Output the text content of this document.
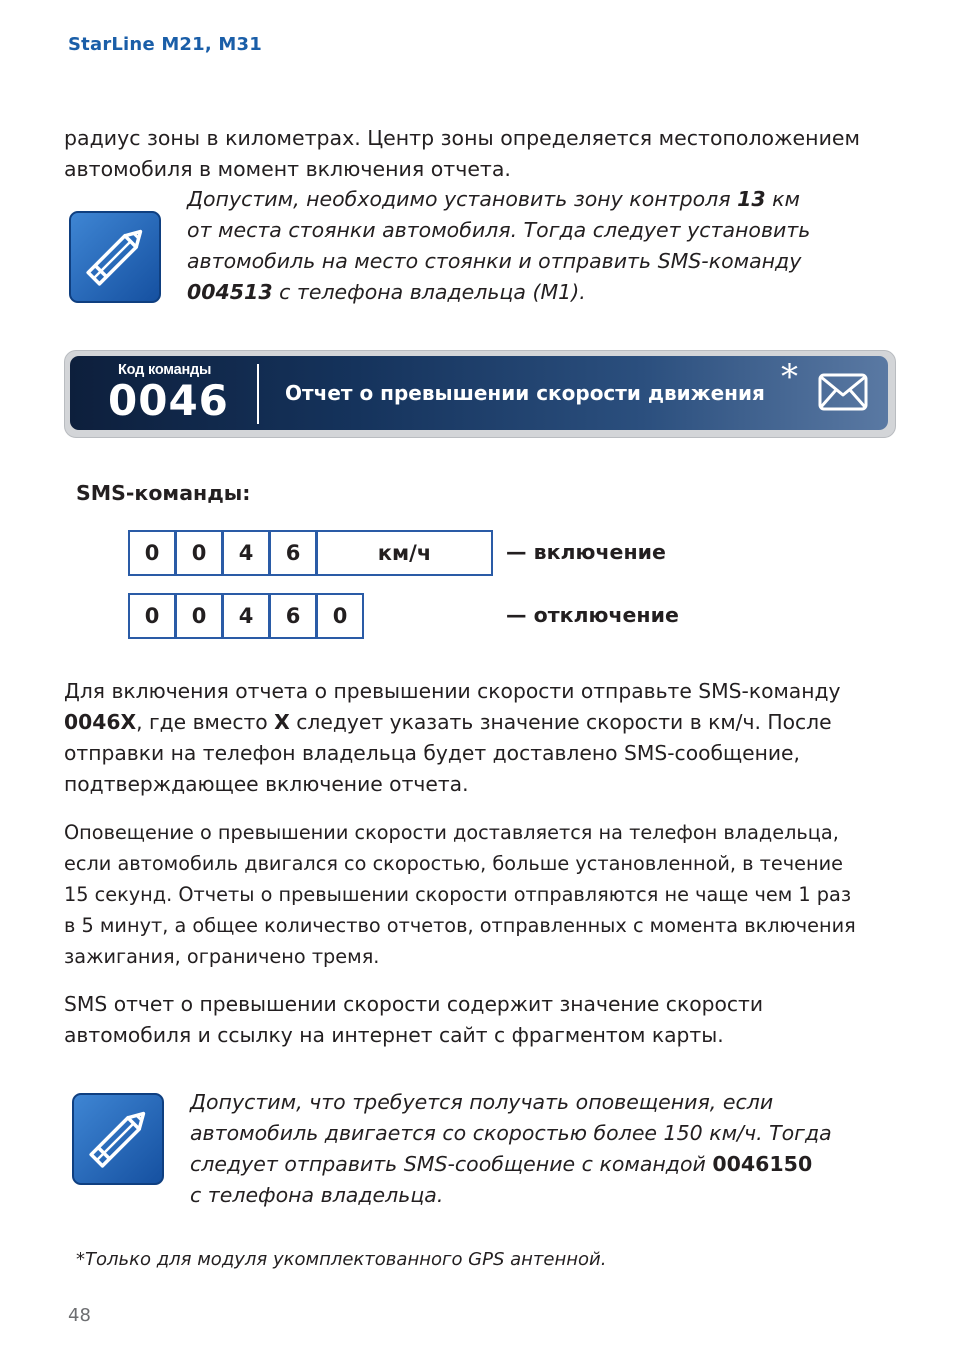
StarLine M21, M31
радиус зоны в километрах. Центр зоны определяется местоположением
автомобиля в момент включения отчета.
Допустим, необходимо установить зону контроля 13 км
от места стоянки автомобиля. Тогда следует установить
автомобиль на место стоянки и отправить SMS-команду
004513 с телефона владельца (M1).
Код команды
0046	Отчет о превышении скорости движения *
SMS-команды:
0	0	4	6	км/ч	— включение
0	0	4	6	0	— отключение
Для включения отчета о превышении скорости отправьте SMS-команду
0046X, где вместо X следует указать значение скорости в км/ч. После
отправки на телефон владельца будет доставлено SMS-сообщение,
подтверждающее включение отчета.
Оповещение о превышении скорости доставляется на телефон владельца,
если автомобиль двигался со скоростью, больше установленной, в течение
15 секунд. Отчеты о превышении скорости отправляются не чаще чем 1 раз
в 5 минут, а общее количество отчетов, отправленных с момента включения
зажигания, ограничено тремя.
SMS отчет о превышении скорости содержит значение скорости
автомобиля и ссылку на интернет сайт с фрагментом карты.
Допустим, что требуется получать оповещения, если
автомобиль двигается со скоростью более 150 км/ч. Тогда
следует отправить SMS-сообщение с командой 0046150
с телефона владельца.
*Только для модуля укомплектованного GPS антенной.
48
